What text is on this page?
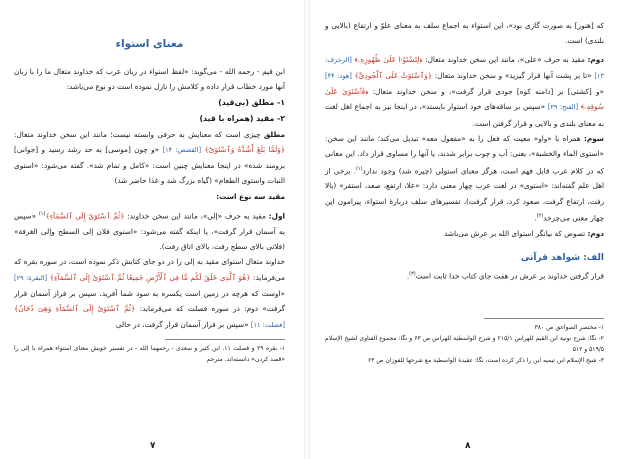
معنای استواء

ابن قیم - رحمه الله - می‌گوید: «لفظ استواء در زبان عرب که خداوند متعال ما را با زبان آنها مورد خطاب قرار داده و کلامش را نازل نموده است دو نوع می‌باشد:

۱- مطلق (بی‌قید)
۲- مقید (همراه با قید)

مطلق چیزی است که معنایش به حرفی وابسته نیست؛ مانند این سخن خداوند متعال: ﴿وَلَمَّا بَلَغَ أَشُدَّهُ وَٱسْتَوَىٰٓ﴾ [القصص: ۱۴] «و چون [موسی] به حد رشد رسید و [جوانی] برومند شده» در اینجا معنایش چنین است: «کامل و تمام شد». گفته می‌شود: «استوی النبات واستوی الطعام» (گیاه بزرگ شد و غذا حاضر شد)

مقید سه نوع است:

اول: مقید به حرف «إلی»، مانند این سخن خداوند: ﴿ثُمَّ ٱسْتَوَىٰٓ إِلَى ٱلسَّمَآءِ﴾$^{(۱)}$ «سپس به آسمان قرار گرفت»، یا اینکه گفته می‌شود: «استوی فلان إلی السطح وإلی الغرفة» (فلانی بالای سطح رفت، بالای اتاق رفت).

خداوند متعال استوای مقید به إلی را در دو جای کتابش ذکر نموده است، در سوره بقره که می‌فرماید: ﴿هُوَ ٱلَّذِى خَلَقَ لَكُم مَّا فِى ٱلْأَرْضِ جَمِيعًا ثُمَّ ٱسْتَوَىٰٓ إِلَى ٱلسَّمَآءِ﴾ [البقرة: ۲۹] «اوست که هرچه در زمین است یکسره به سود شما آفرید، سپس بر فراز آسمان قرار گرفت» دوم: در سوره فصلت که می‌فرماید: ﴿ثُمَّ ٱسْتَوَىٰٓ إِلَى ٱلسَّمَآءِ وَهِىَ دُخَانٌ﴾ [فصلت: ۱۱] «سپس بر فراز آسمان قرار گرفت، در حالی

۱- بقره ۲۹ و فصلت ۱۱. ابن کثیر و سعدی - رحمهما الله - در تفسیر خویش معنای استواء همراه با إلی را «قصد کردن» دانسته‌اند. مترجم

۷

که [هنوز] به صورت گازی بود»، این استواء به اجماع سلف به معنای علوّ و ارتفاع (بالایی و بلندی) است.

دوم: مقید به حرف «علی»، مانند این سخن خداوند متعال: ﴿لِتَسْتَوُۥا عَلَىٰ ظُهُورِهِۦ﴾ [الزخرف: ۱۳] «تا بر پشت آنها قرار گیرید» و سخن خداوند متعال: ﴿وَٱسْتَوَتْ عَلَى ٱلْجُودِىِّ﴾ [هود: ۴۴] «و [کشتی] بر [دامنه کوه] جودی قرار گرفت»، و سخن خداوند متعال: ﴿فَٱسْتَوَىٰ عَلَىٰ سُوقِهِۦ﴾ [الفتح: ۲۹] «سپس بر ساقه‌های خود استوار بایستد»، در اینجا نیز به اجماع اهل لغت به معنای بلندی و بالایی و قرار گرفتن است.

سوم: همراه با «واو» معیت که فعل را به «مفعول معه» تبدیل می‌کند؛ مانند این سخن: «استوی الماء والخشبة»، یعنی: آب و چوب برابر شدند، یا آنها را مساوی قرار داد. این معانی که در کلام عرب قابل فهم است، هرگز معنای استولی (چیره شد) وجود ندارد$^{(۱)}$. برخی از اهل علم گفته‌اند: «استوی» در لغت عرب چهار معنی دارد: «علا، ارتفع، صعد، استقر» (بالا رفت، ارتفاع گرفت، صعود کرد، قرار گرفت)، تفسیرهای سلف دربارهٔ استواء، پیرامون این چهار معنی می‌چرخد$^{(۲)}$.

دوم: تصوص که بیانگر استوای الله بر عرش می‌باشد

الف: شواهد قرآنی

قرار گرفتن خداوند بر عرش در هفت جای کتاب خدا ثابت است$^{(۳)}$.

۱- مختصر الصواعق ص ۳۸۰

۲- نگا: شرح نونیة ابن القیم للهراس ۲۱۵/۱ و شرح الواسطیة للهراس ص ۶۳ و نگا: مجموع الفتاوی لشیخ الإسلام ۵۱۹/۵ و ۵۱۲

۳- شیخ الإسلام ابن تیمیه این را ذکر کرده است، نگا: عقیدة الواسطیة مع شرحها للفوزان ص ۶۳

۸
